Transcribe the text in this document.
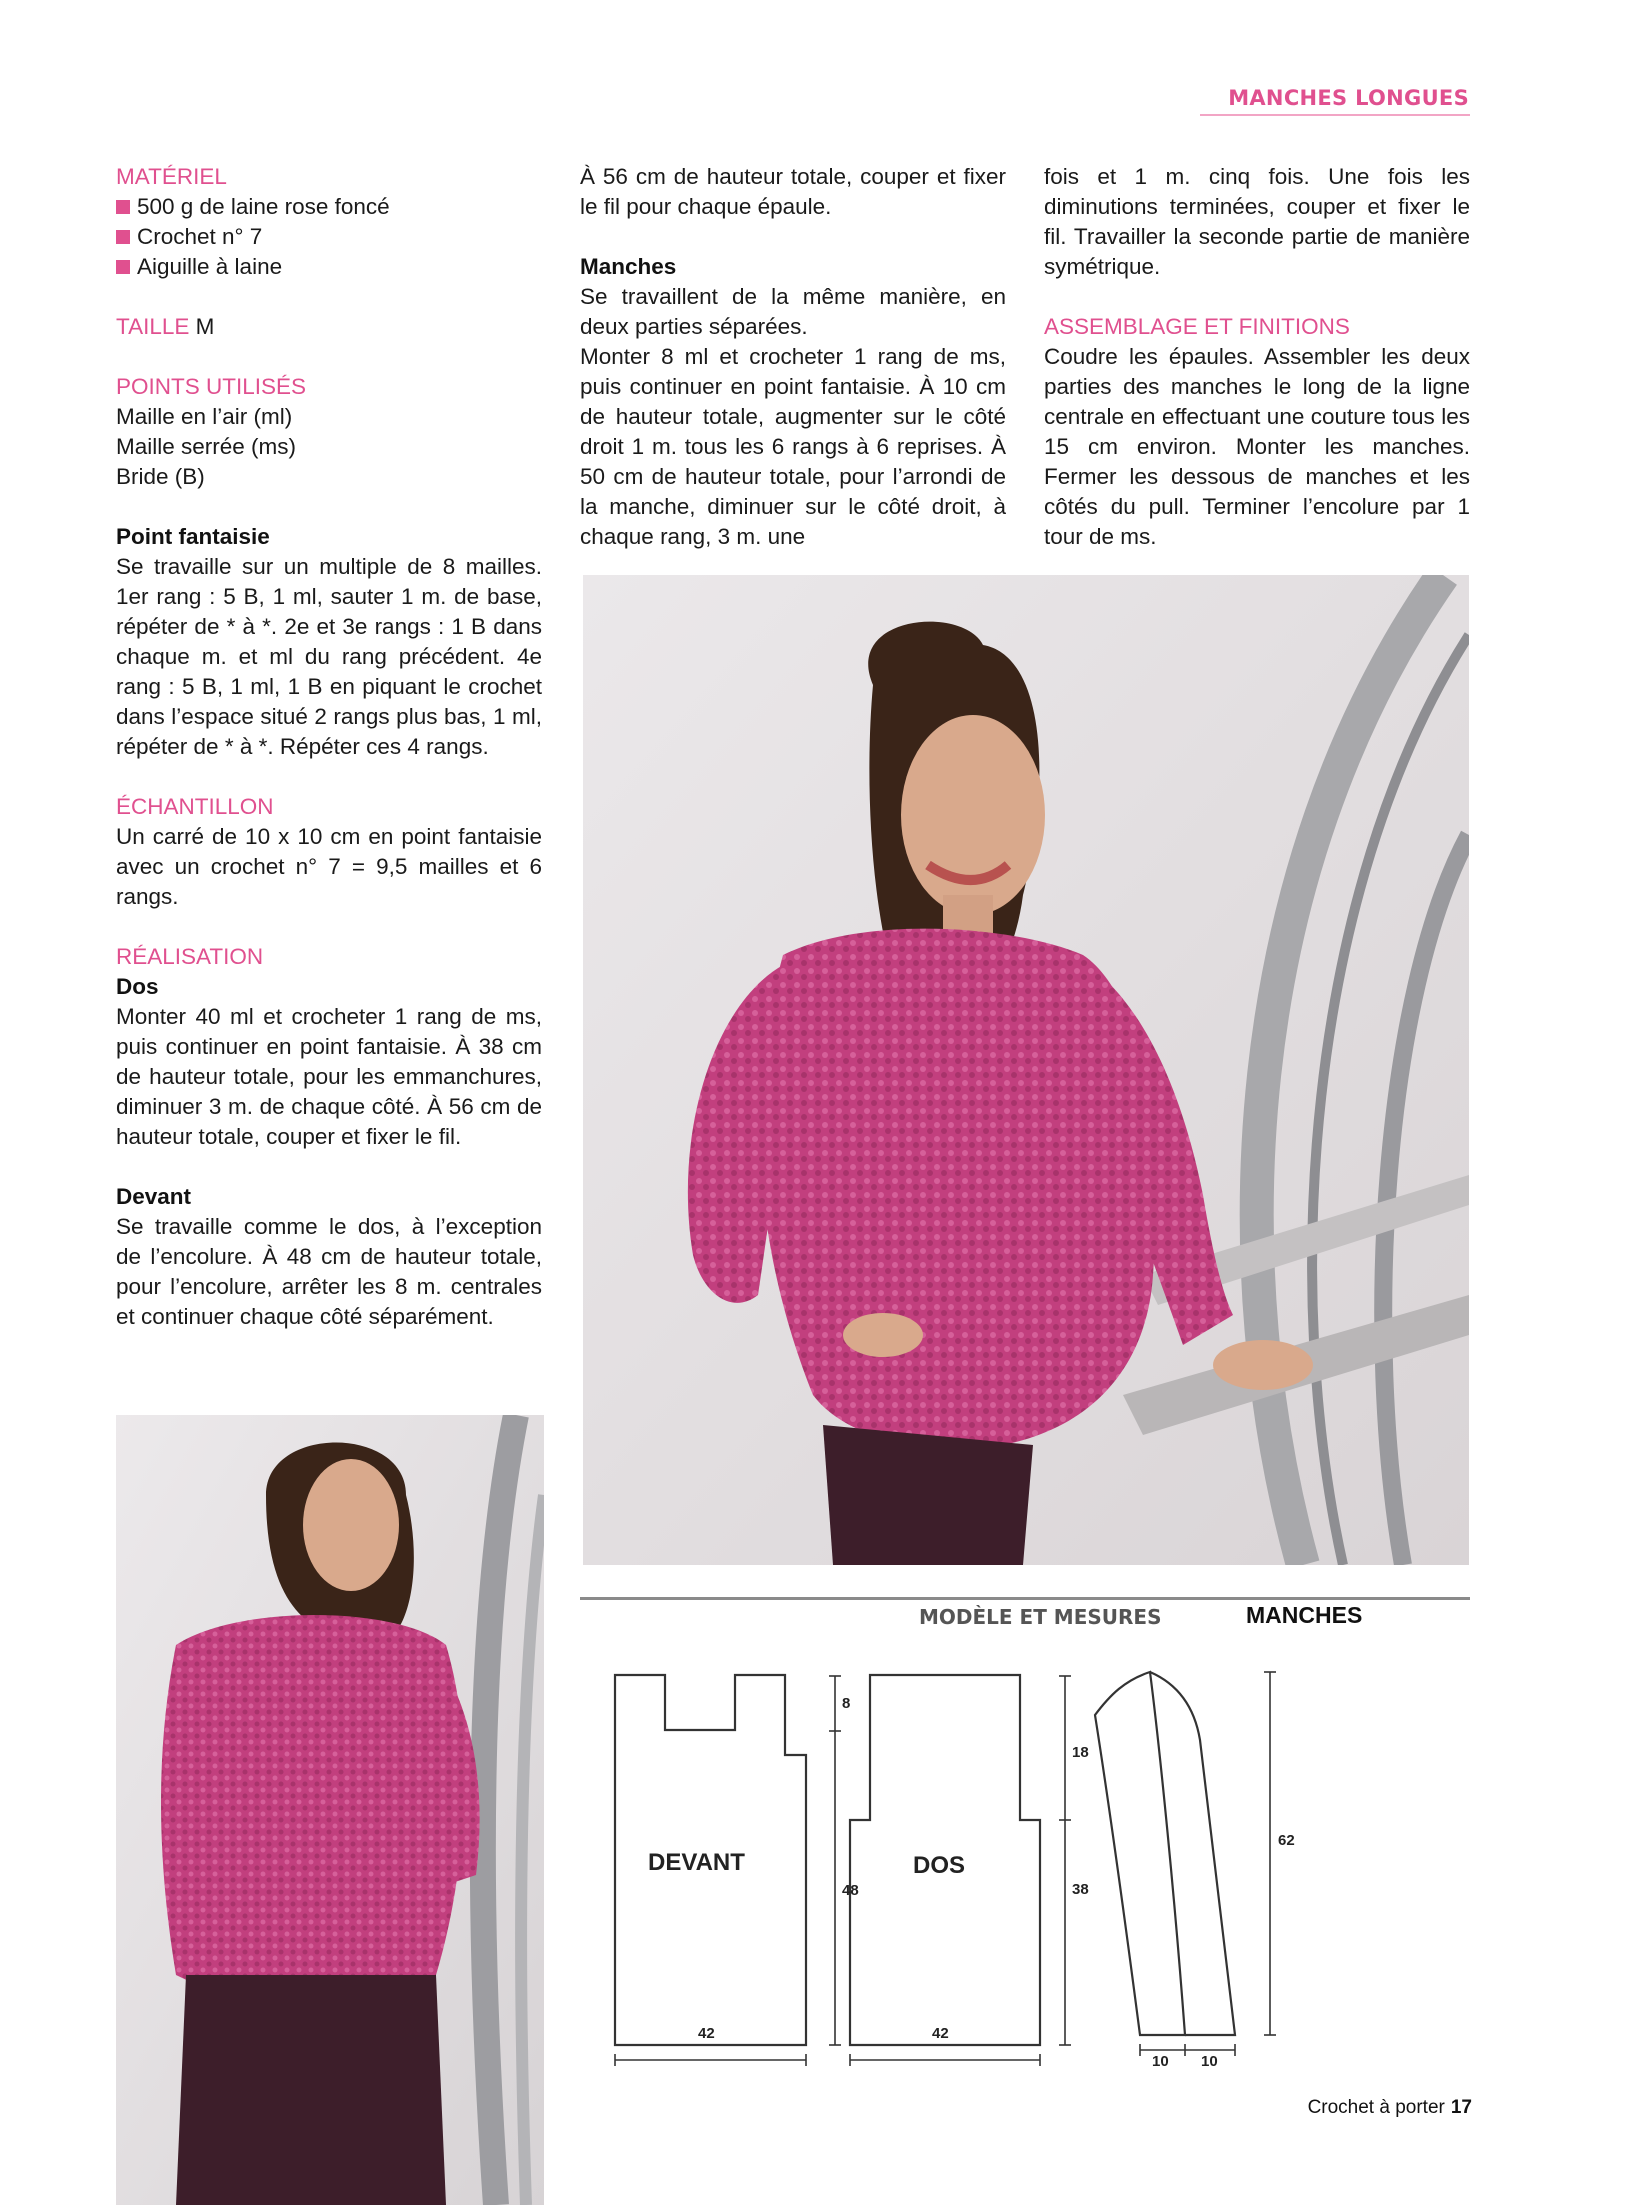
MANCHES LONGUES

MATÉRIEL

500 g de laine rose foncé

Crochet n° 7

Aiguille à laine

TAILLE M

POINTS UTILISÉS

Maille en l’air (ml)

Maille serrée (ms)

Bride (B)

Point fantaisie

Se travaille sur un multiple de 8 mailles. 1er rang : 5 B, 1 ml, sauter 1 m. de base, répéter de * à *. 2e et 3e rangs : 1 B dans chaque m. et ml du rang précédent. 4e rang : 5 B, 1 ml, 1 B en piquant le crochet dans l’espace situé 2 rangs plus bas, 1 ml, répéter de * à *. Répéter ces 4 rangs.

ÉCHANTILLON

Un carré de 10 x 10 cm en point fantaisie avec un crochet n° 7 = 9,5 mailles et 6 rangs.

RÉALISATION

Dos

Monter 40 ml et crocheter 1 rang de ms, puis continuer en point fantaisie. À 38 cm de hauteur totale, pour les emmanchures, diminuer 3 m. de chaque côté. À 56 cm de hauteur totale, couper et fixer le fil.

Devant

Se travaille comme le dos, à l’exception de l’encolure. À 48 cm de hauteur totale, pour l’encolure, arrêter les 8 m. centrales et continuer chaque côté séparément.

À 56 cm de hauteur totale, couper et fixer le fil pour chaque épaule.

Manches

Se travaillent de la même manière, en deux parties séparées.

Monter 8 ml et crocheter 1 rang de ms, puis continuer en point fantaisie. À 10 cm de hauteur totale, augmenter sur le côté droit 1 m. tous les 6 rangs à 6 reprises. À 50 cm de hauteur totale, pour l’arrondi de la manche, diminuer sur le côté droit, à chaque rang, 3 m. une

fois et 1 m. cinq fois. Une fois les diminutions terminées, couper et fixer le fil. Travailler la seconde partie de manière symétrique.

ASSEMBLAGE ET FINITIONS

Coudre les épaules. Assembler les deux parties des manches le long de la ligne centrale en effectuant une couture tous les 15 cm environ. Monter les manches. Fermer les dessous de manches et les côtés du pull. Terminer l’encolure par 1 tour de ms.

MODÈLE ET MESURES
DEVANT	DOS
8
48
42
18
38
42
62
10 10
MANCHES
Crochet à porter 17
